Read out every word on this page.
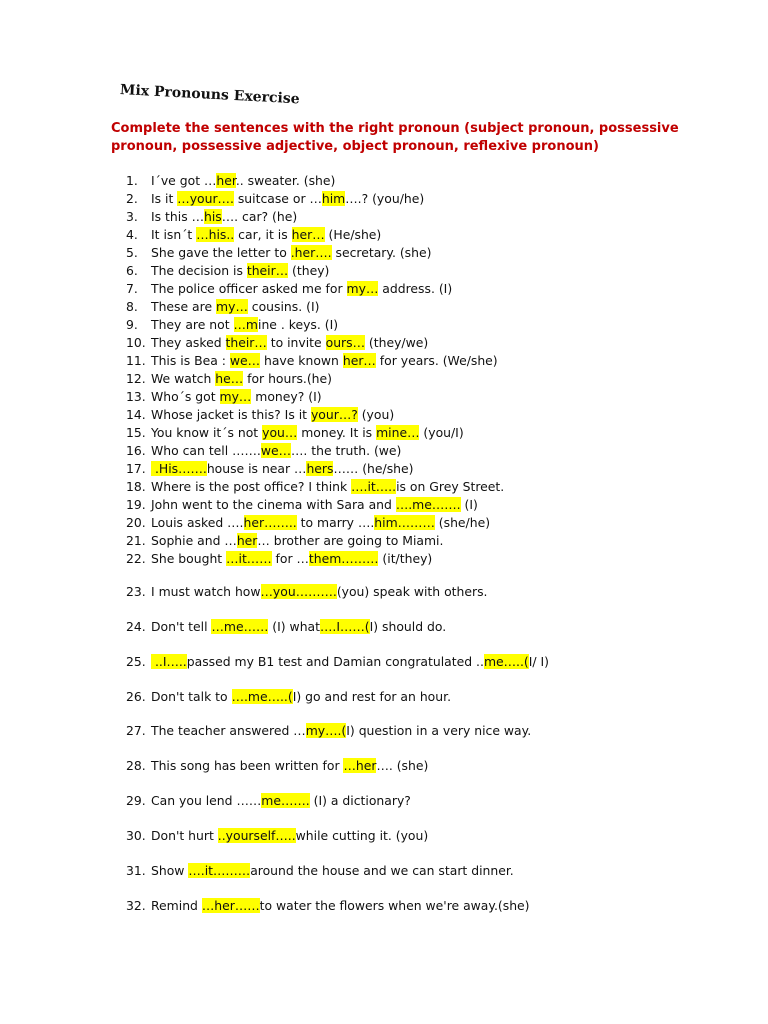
Mix Pronouns Exercise
Complete the sentences with the right pronoun (subject pronoun, possessive pronoun, possessive adjective, object pronoun, reflexive pronoun)
1. I´ve got …her.. sweater. (she)
2. Is it …your…. suitcase or …him….? (you/he)
3. Is this …his…. car? (he)
4. It isn´t …his.. car, it is her… (He/she)
5. She gave the letter to .her…. secretary. (she)
6. The decision is their… (they)
7. The police officer asked me for my… address. (I)
8. These are my… cousins. (I)
9. They are not …mine . keys. (I)
10. They asked their… to invite ours… (they/we)
11. This is Bea : we… have known her… for years. (We/she)
12. We watch he… for hours.(he)
13. Who´s got my… money? (I)
14. Whose jacket is this? Is it your…? (you)
15. You know it´s not you… money. It is mine… (you/I)
16. Who can tell …….we……. the truth. (we)
17. .His…….house is near …hers…… (he/she)
18. Where is the post office? I think ….it…..is on Grey Street.
19. John went to the cinema with Sara and ….me……. (I)
20. Louis asked ….her…….. to marry ….him……… (she/he)
21. Sophie and …her… brother are going to Miami.
22. She bought …it…… for …them……… (it/they)
23. I must watch how…you……….(you) speak with others.
24. Don't tell …me…… (I) what….I……(I) should do.
25. ..I…..passed my B1 test and Damian congratulated ..me…..(I/ I)
26. Don't talk to ….me…..(I) go and rest for an hour.
27. The teacher answered …my….(I) question in a very nice way.
28. This song has been written for …her…. (she)
29. Can you lend ……me……. (I) a dictionary?
30. Don't hurt ..yourself…..while cutting it. (you)
31. Show ….it………around the house and we can start dinner.
32. Remind …her……to water the flowers when we're away.(she)
